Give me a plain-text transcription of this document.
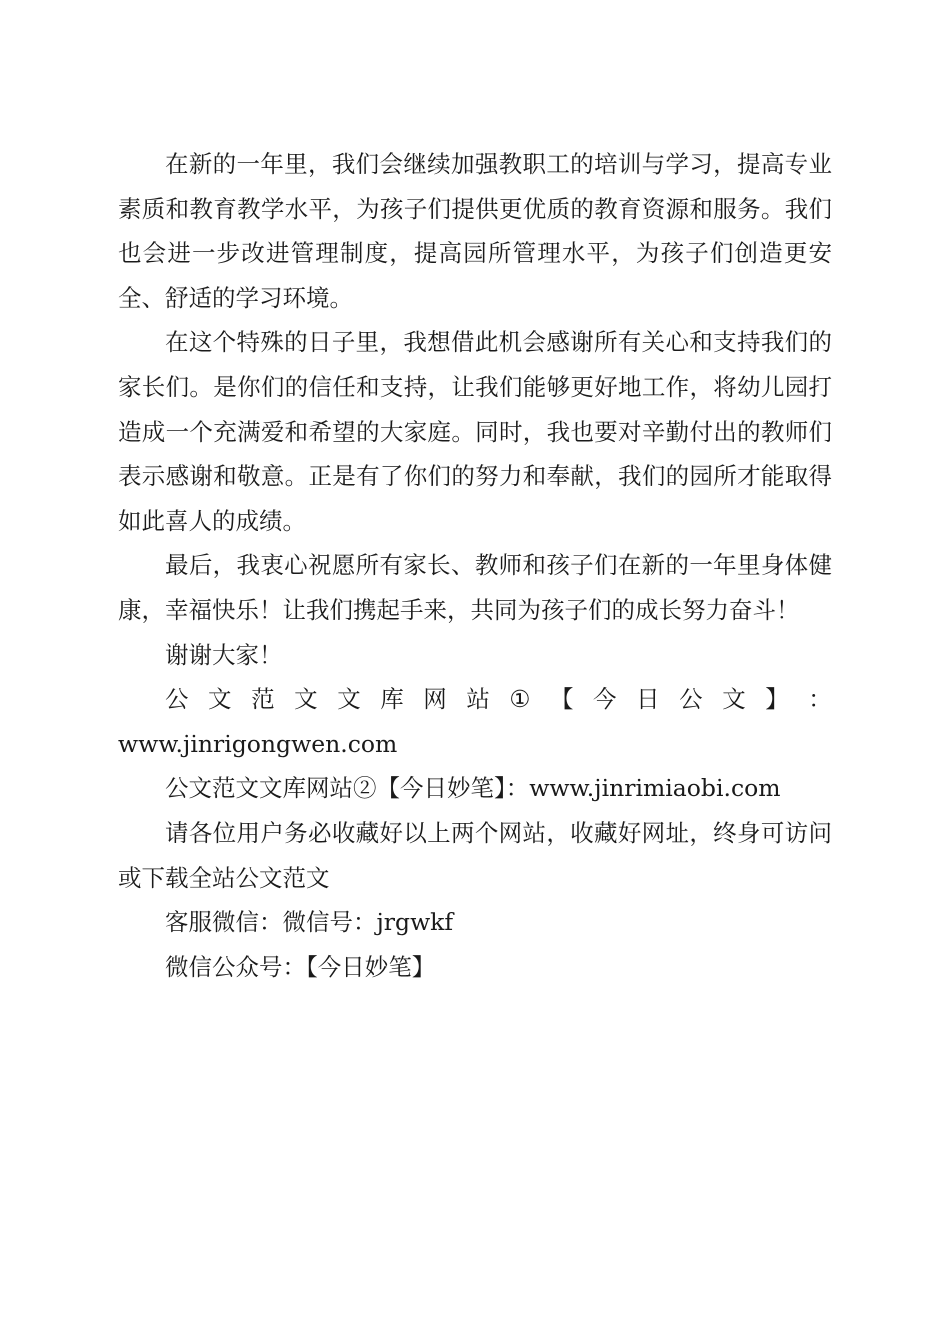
在新的一年里，我们会继续加强教职工的培训与学习，提高专业素质和教育教学水平，为孩子们提供更优质的教育资源和服务。我们也会进一步改进管理制度，提高园所管理水平，为孩子们创造更安全、舒适的学习环境。

在这个特殊的日子里，我想借此机会感谢所有关心和支持我们的家长们。是你们的信任和支持，让我们能够更好地工作，将幼儿园打造成一个充满爱和希望的大家庭。同时，我也要对辛勤付出的教师们表示感谢和敬意。正是有了你们的努力和奉献，我们的园所才能取得如此喜人的成绩。

最后，我衷心祝愿所有家长、教师和孩子们在新的一年里身体健康，幸福快乐！让我们携起手来，共同为孩子们的成长努力奋斗！

谢谢大家！

公 文 范 文 文 库 网 站 ① 【 今 日 公 文 】 ：
www.jinrigongwen.com

公文范文文库网站②【今日妙笔】：www.jinrimiaobi.com

请各位用户务必收藏好以上两个网站，收藏好网址，终身可访问或下载全站公文范文

客服微信：微信号：jrgwkf

微信公众号：【今日妙笔】
